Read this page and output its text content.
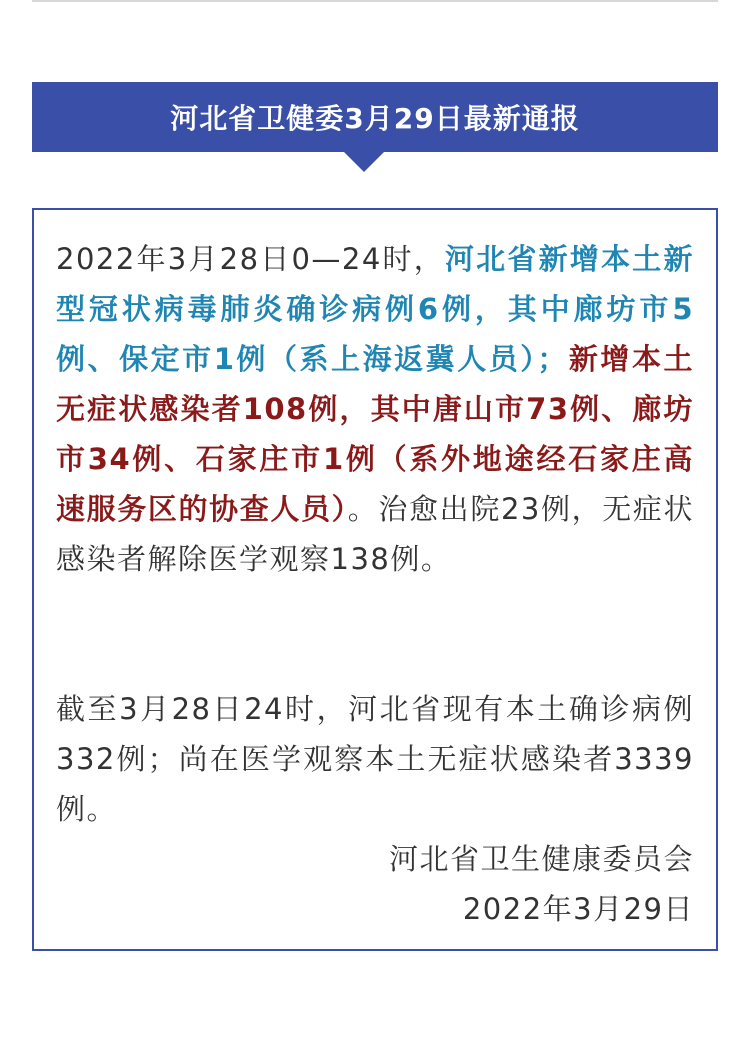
河北省卫健委3月29日最新通报

2022年3月28日0—24时，河北省新增本土新型冠状病毒肺炎确诊病例6例，其中廊坊市5例、保定市1例（系上海返冀人员）；新增本土无症状感染者108例，其中唐山市73例、廊坊市34例、石家庄市1例（系外地途经石家庄高速服务区的协查人员）。治愈出院23例，无症状感染者解除医学观察138例。

截至3月28日24时，河北省现有本土确诊病例332例；尚在医学观察本土无症状感染者3339例。

河北省卫生健康委员会
2022年3月29日
